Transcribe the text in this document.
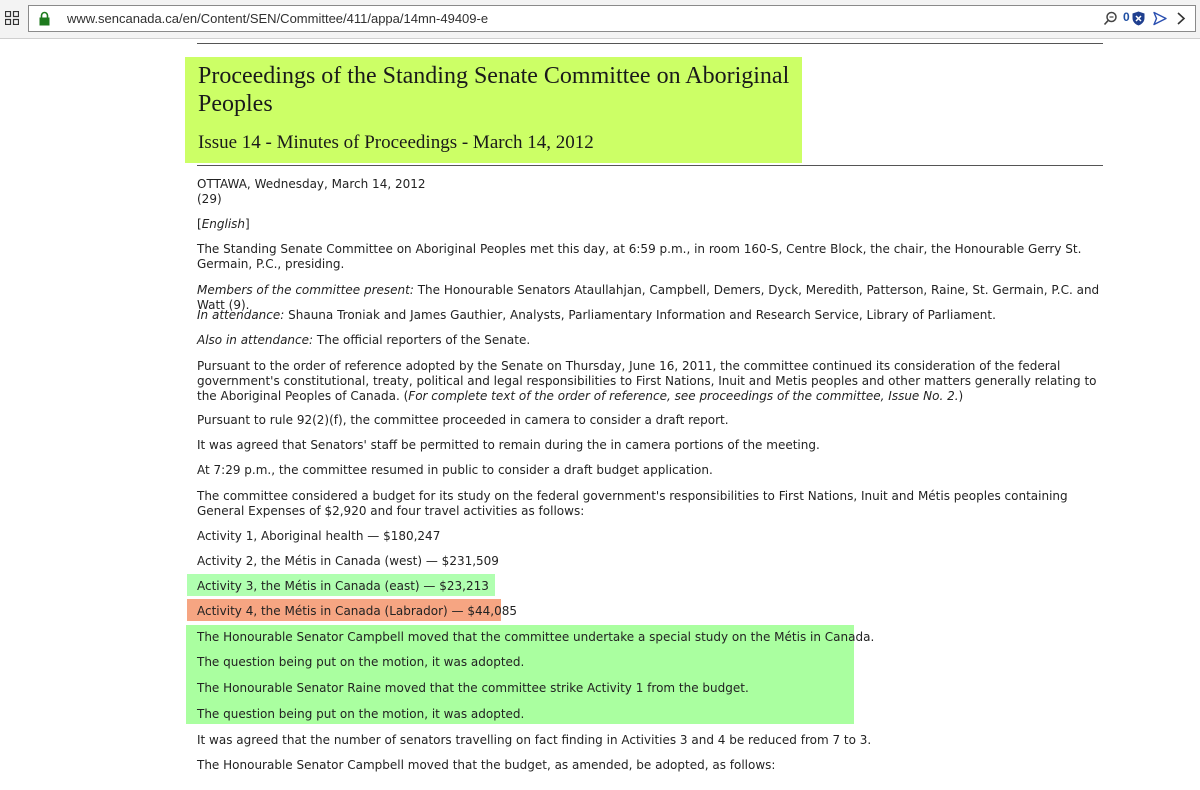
www.sencanada.ca/en/Content/SEN/Committee/411/appa/14mn-49409-e	0
Proceedings of the Standing Senate Committee on Aboriginal Peoples
Issue 14 - Minutes of Proceedings - March 14, 2012
OTTAWA, Wednesday, March 14, 2012
(29)
[English]
The Standing Senate Committee on Aboriginal Peoples met this day, at 6:59 p.m., in room 160-S, Centre Block, the chair, the Honourable Gerry St. Germain, P.C., presiding.
Members of the committee present: The Honourable Senators Ataullahjan, Campbell, Demers, Dyck, Meredith, Patterson, Raine, St. Germain, P.C. and Watt (9).
In attendance: Shauna Troniak and James Gauthier, Analysts, Parliamentary Information and Research Service, Library of Parliament.
Also in attendance: The official reporters of the Senate.
Pursuant to the order of reference adopted by the Senate on Thursday, June 16, 2011, the committee continued its consideration of the federal government's constitutional, treaty, political and legal responsibilities to First Nations, Inuit and Metis peoples and other matters generally relating to the Aboriginal Peoples of Canada. (For complete text of the order of reference, see proceedings of the committee, Issue No. 2.)
Pursuant to rule 92(2)(f), the committee proceeded in camera to consider a draft report.
It was agreed that Senators' staff be permitted to remain during the in camera portions of the meeting.
At 7:29 p.m., the committee resumed in public to consider a draft budget application.
The committee considered a budget for its study on the federal government's responsibilities to First Nations, Inuit and Métis peoples containing General Expenses of $2,920 and four travel activities as follows:
Activity 1, Aboriginal health — $180,247
Activity 2, the Métis in Canada (west) — $231,509
Activity 3, the Métis in Canada (east) — $23,213
Activity 4, the Métis in Canada (Labrador) — $44,085
The Honourable Senator Campbell moved that the committee undertake a special study on the Métis in Canada.
The question being put on the motion, it was adopted.
The Honourable Senator Raine moved that the committee strike Activity 1 from the budget.
The question being put on the motion, it was adopted.
It was agreed that the number of senators travelling on fact finding in Activities 3 and 4 be reduced from 7 to 3.
The Honourable Senator Campbell moved that the budget, as amended, be adopted, as follows:
